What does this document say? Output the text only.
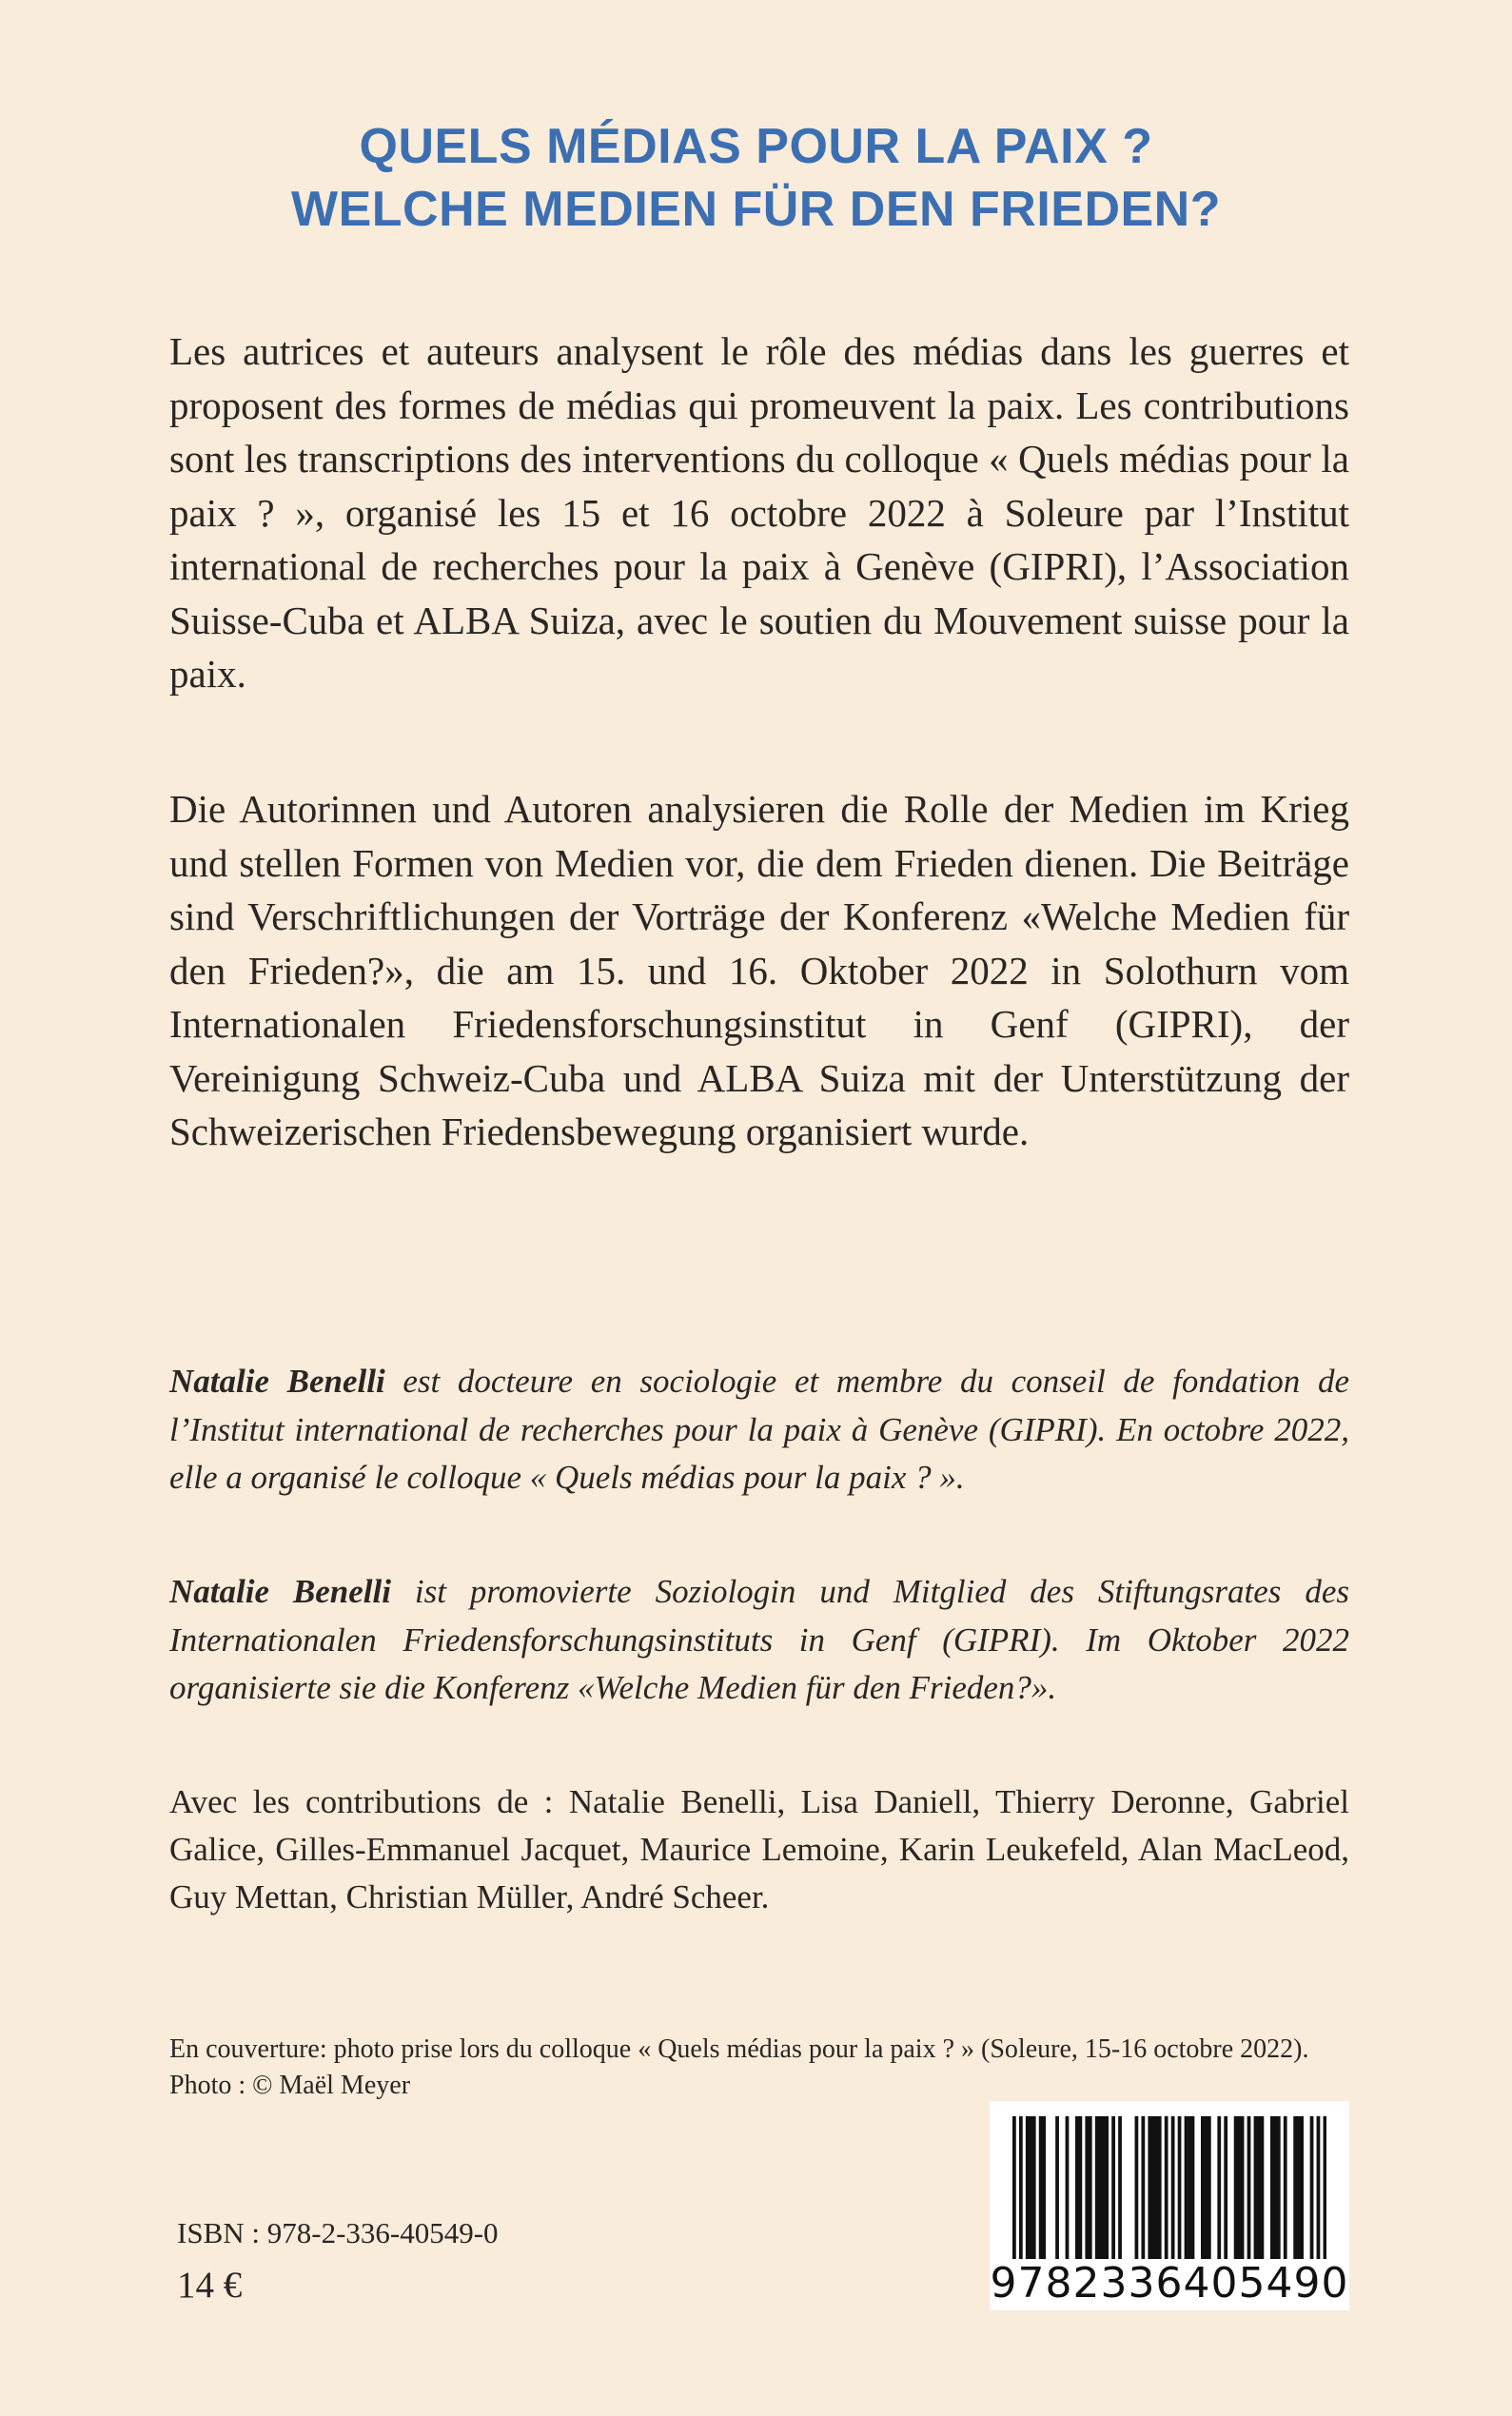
QUELS MÉDIAS POUR LA PAIX ?
WELCHE MEDIEN FÜR DEN FRIEDEN?

Les autrices et auteurs analysent le rôle des médias dans les guerres et proposent des formes de médias qui promeuvent la paix. Les contributions sont les transcriptions des interventions du colloque « Quels médias pour la paix ? », organisé les 15 et 16 octobre 2022 à Soleure par l’Institut international de recherches pour la paix à Genève (GIPRI), l’Association Suisse-Cuba et ALBA Suiza, avec le soutien du Mouvement suisse pour la paix.

Die Autorinnen und Autoren analysieren die Rolle der Medien im Krieg und stellen Formen von Medien vor, die dem Frieden dienen. Die Beiträge sind Verschriftlichungen der Vorträge der Konferenz «Welche Medien für den Frieden?», die am 15. und 16. Oktober 2022 in Solothurn vom Internationalen Friedensforschungsinstitut in Genf (GIPRI), der Vereinigung Schweiz-Cuba und ALBA Suiza mit der Unterstützung der Schweizerischen Friedensbewegung organisiert wurde.

Natalie Benelli est docteure en sociologie et membre du conseil de fondation de l’Institut international de recherches pour la paix à Genève (GIPRI). En octobre 2022, elle a organisé le colloque « Quels médias pour la paix ? ».

Natalie Benelli ist promovierte Soziologin und Mitglied des Stiftungsrates des Internationalen Friedensforschungsinstituts in Genf (GIPRI). Im Oktober 2022 organisierte sie die Konferenz «Welche Medien für den Frieden?».

Avec les contributions de : Natalie Benelli, Lisa Daniell, Thierry Deronne, Gabriel Galice, Gilles-Emmanuel Jacquet, Maurice Lemoine, Karin Leukefeld, Alan MacLeod, Guy Mettan, Christian Müller, André Scheer.

En couverture: photo prise lors du colloque « Quels médias pour la paix ? » (Soleure, 15-16 octobre 2022). Photo : © Maël Meyer

ISBN : 978-2-336-40549-0
14 €	9782336405490
